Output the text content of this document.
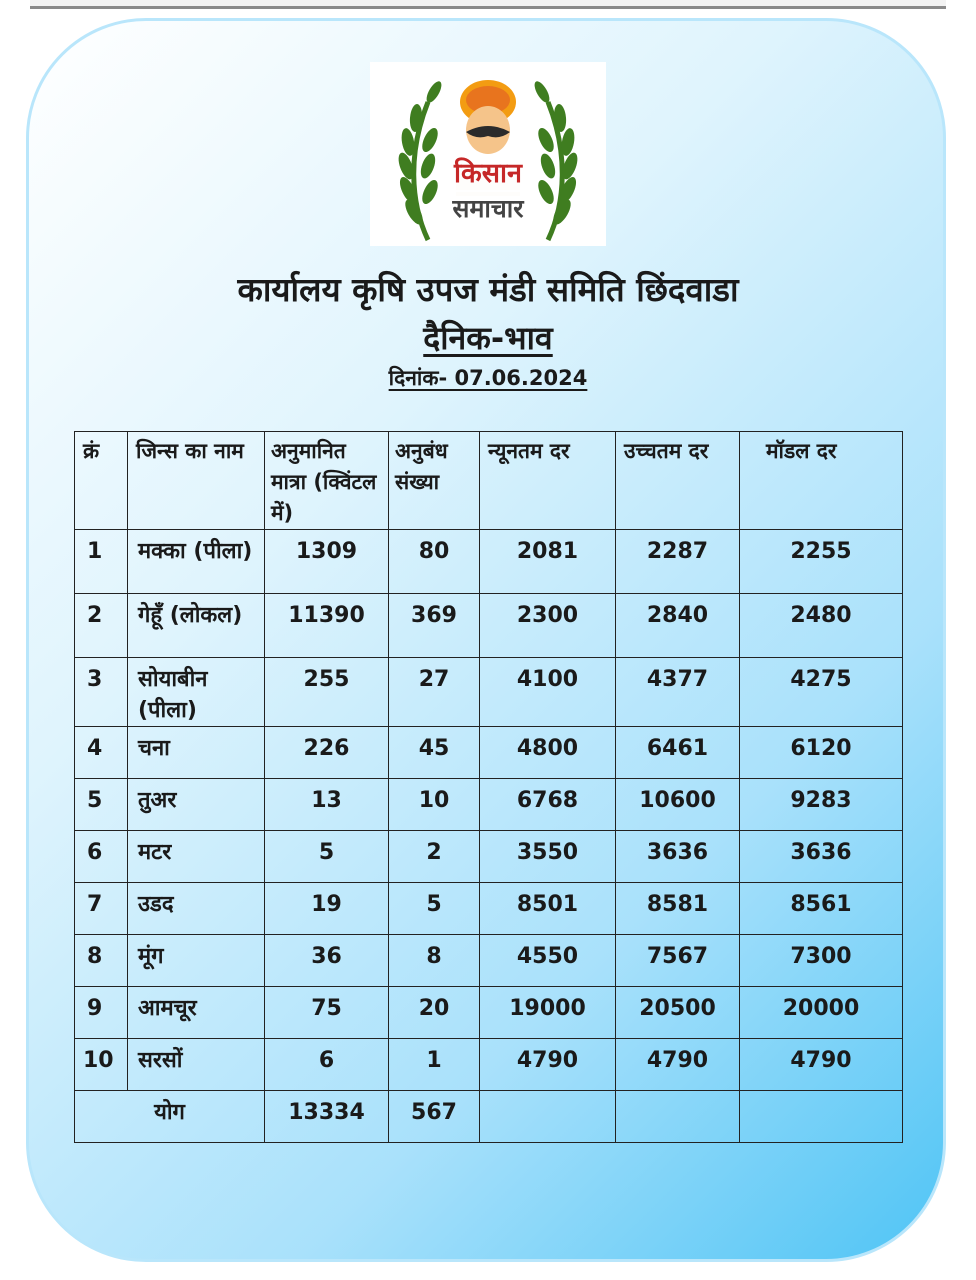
किसान
समाचार
कार्यालय कृषि उपज मंडी समिति छिंदवाडा
दैनिक-भाव
दिनांक- 07.06.2024
क्रं	जिन्स का नाम	अनुमानित मात्रा (क्विंटल में)	अनुबंध संख्या	न्यूनतम दर	उच्चतम दर	मॉडल दर
1	मक्का (पीला)	1309	80	2081	2287	2255
2	गेहूँ (लोकल)	11390	369	2300	2840	2480
3	सोयाबीन (पीला)	255	27	4100	4377	4275
4	चना	226	45	4800	6461	6120
5	तुअर	13	10	6768	10600	9283
6	मटर	5	2	3550	3636	3636
7	उडद	19	5	8501	8581	8561
8	मूंग	36	8	4550	7567	7300
9	आमचूर	75	20	19000	20500	20000
10	सरसों	6	1	4790	4790	4790
योग		13334	567			
